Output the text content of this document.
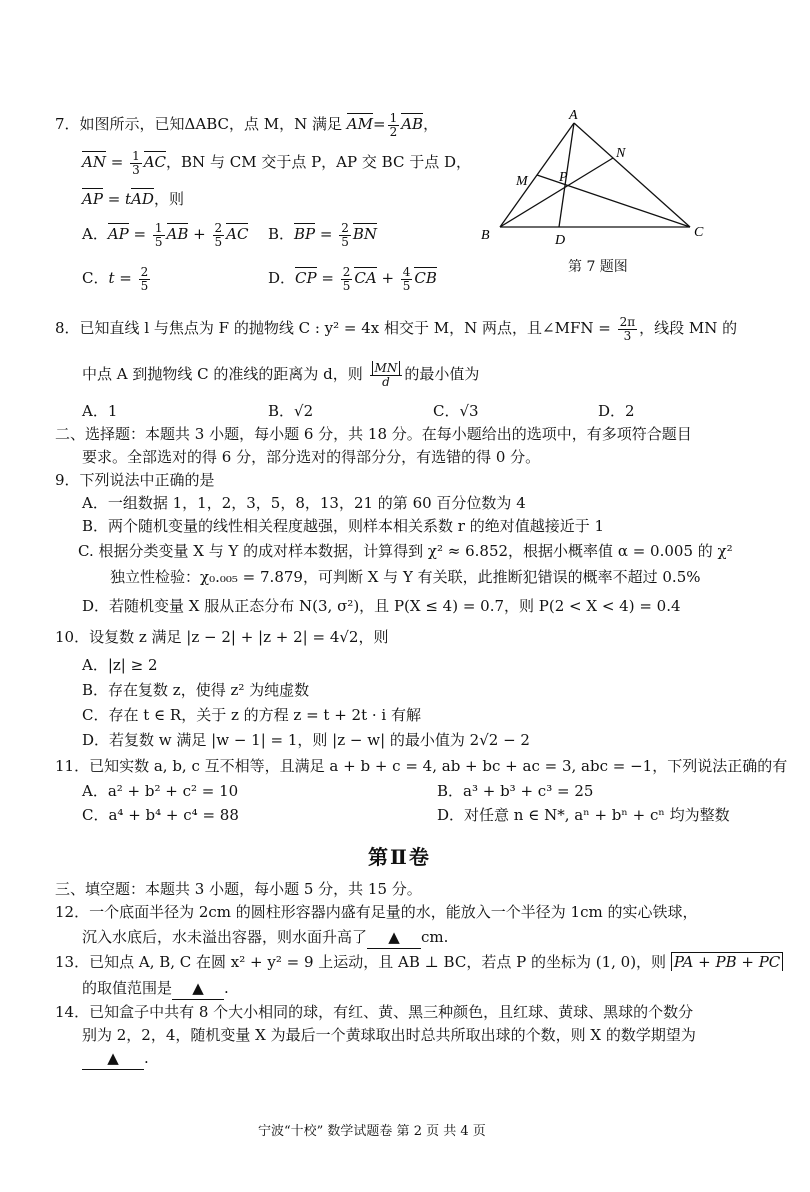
7．如图所示，已知ΔABC，点 M，N 满足 $AM= \frac{1}{2}$ AB，
AN = $\frac{1}{3}$ AC，BN 与 CM 交于点 P，AP 交 BC 于点 D，
AP = tAD，则
A．AP = $\frac{1}{5}$ AB + $\frac{2}{5}$ AC B．BP = $\frac{2}{5}$ BN
C．$t = \frac{2}{5}$	D．CP = $\frac{2}{5}$ CA + $\frac{4}{5}$ CB
A
B	C
D
M
N
P
第 7 题图
8．已知直线 l 与焦点为 F 的抛物线 C : y² = 4x 相交于 M，N 两点，且∠MFN = $\frac{2\pi}{3}$ ，线段 MN 的
中点 A 到抛物线 C 的准线的距离为 d，则 $\frac{MN}{d}$ 的最小值为
A．1	B．√2	C．√3	D．2
二、选择题：本题共 3 小题，每小题 6 分，共 18 分。在每小题给出的选项中，有多项符合题目
要求。全部选对的得 6 分，部分选对的得部分分，有选错的得 0 分。
9．下列说法中正确的是
A．一组数据 1，1，2，3，5，8，13，21 的第 60 百分位数为 4
B．两个随机变量的线性相关程度越强，则样本相关系数 r 的绝对值越接近于 1
C. 根据分类变量 X 与 Y 的成对样本数据，计算得到 χ² ≈ 6.852，根据小概率值 α = 0.005 的 χ²
独立性检验：χ₀.₀₀₅ = 7.879，可判断 X 与 Y 有关联，此推断犯错误的概率不超过 0.5%
D．若随机变量 X 服从正态分布 N(3, σ²)，且 P(X ≤ 4) = 0.7，则 P(2 < X < 4) = 0.4
10．设复数 z 满足 |z − 2| + |z + 2| = 4√2，则
A．|z| ≥ 2
B．存在复数 z，使得 z² 为纯虚数
C．存在 t ∈ R，关于 z 的方程 z = t + 2t · i 有解
D．若复数 w 满足 |w − 1| = 1，则 |z − w| 的最小值为 2√2 − 2
11．已知实数 a, b, c 互不相等，且满足 a + b + c = 4, ab + bc + ac = 3, abc = −1，下列说法正确的有
A．a² + b² + c² = 10	B．a³ + b³ + c³ = 25
C．a⁴ + b⁴ + c⁴ = 88	D．对任意 n ∈ N*, aⁿ + bⁿ + cⁿ 均为整数
第Ⅱ卷
三、填空题：本题共 3 小题，每小题 5 分，共 15 分。
12．一个底面半径为 2cm 的圆柱形容器内盛有足量的水，能放入一个半径为 1cm 的实心铁球，
沉入水底后，水未溢出容器，则水面升高了 ▲ cm.
13．已知点 A, B, C 在圆 x² + y² = 9 上运动，且 AB ⊥ BC，若点 P 的坐标为 (1, 0)，则 PA + PB + PC
的取值范围是 ▲ .
14．已知盒子中共有 8 个大小相同的球，有红、黄、黑三种颜色，且红球、黄球、黑球的个数分
别为 2，2，4，随机变量 X 为最后一个黄球取出时总共所取出球的个数，则 X 的数学期望为
▲ .
宁波“十校” 数学试题卷 第 2 页 共 4 页
